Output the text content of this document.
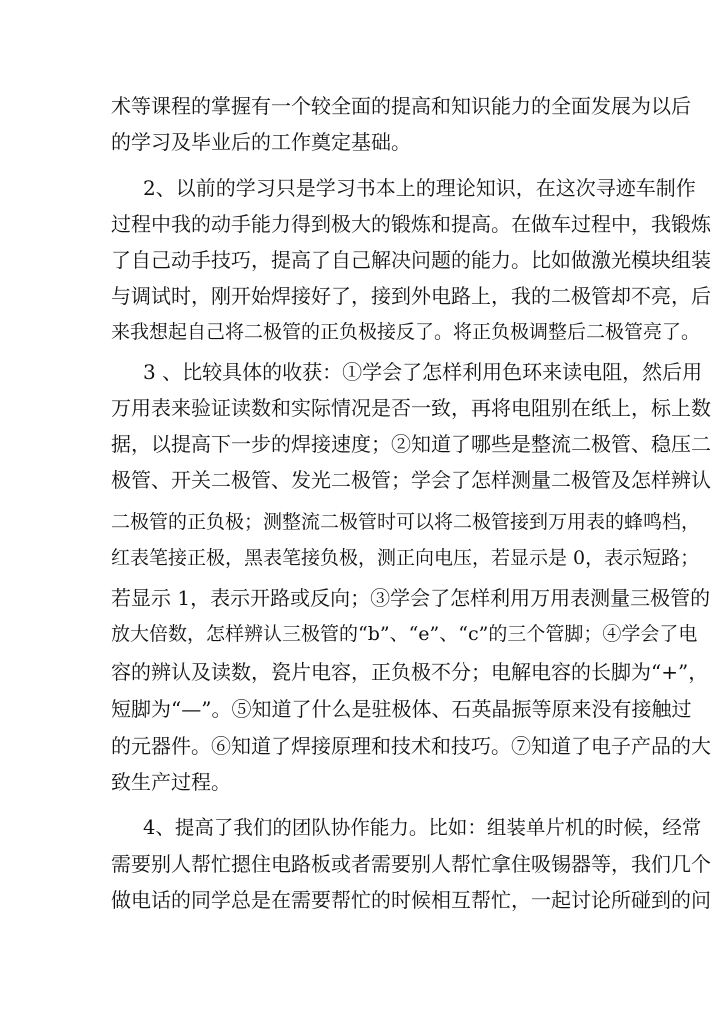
术等课程的掌握有一个较全面的提高和知识能力的全面发展为以后

的学习及毕业后的工作奠定基础。

2、以前的学习只是学习书本上的理论知识，在这次寻迹车制作

过程中我的动手能力得到极大的锻炼和提高。在做车过程中，我锻炼

了自己动手技巧，提高了自己解决问题的能力。比如做激光模块组装

与调试时，刚开始焊接好了，接到外电路上，我的二极管却不亮，后

来我想起自己将二极管的正负极接反了。将正负极调整后二极管亮了。

3 、比较具体的收获：①学会了怎样利用色环来读电阻，然后用

万用表来验证读数和实际情况是否一致，再将电阻别在纸上，标上数

据，以提高下一步的焊接速度；②知道了哪些是整流二极管、稳压二

极管、开关二极管、发光二极管；学会了怎样测量二极管及怎样辨认

二极管的正负极；测整流二极管时可以将二极管接到万用表的蜂鸣档，

红表笔接正极，黑表笔接负极，测正向电压，若显示是 0，表示短路；

若显示 1，表示开路或反向；③学会了怎样利用万用表测量三极管的

放大倍数，怎样辨认三极管的“b”、“e”、“c”的三个管脚；④学会了电

容的辨认及读数，瓷片电容，正负极不分；电解电容的长脚为“+”，

短脚为“—”。⑤知道了什么是驻极体、石英晶振等原来没有接触过

的元器件。⑥知道了焊接原理和技术和技巧。⑦知道了电子产品的大

致生产过程。

4、提高了我们的团队协作能力。比如：组装单片机的时候，经常

需要别人帮忙摁住电路板或者需要别人帮忙拿住吸锡器等，我们几个

做电话的同学总是在需要帮忙的时候相互帮忙，一起讨论所碰到的问
